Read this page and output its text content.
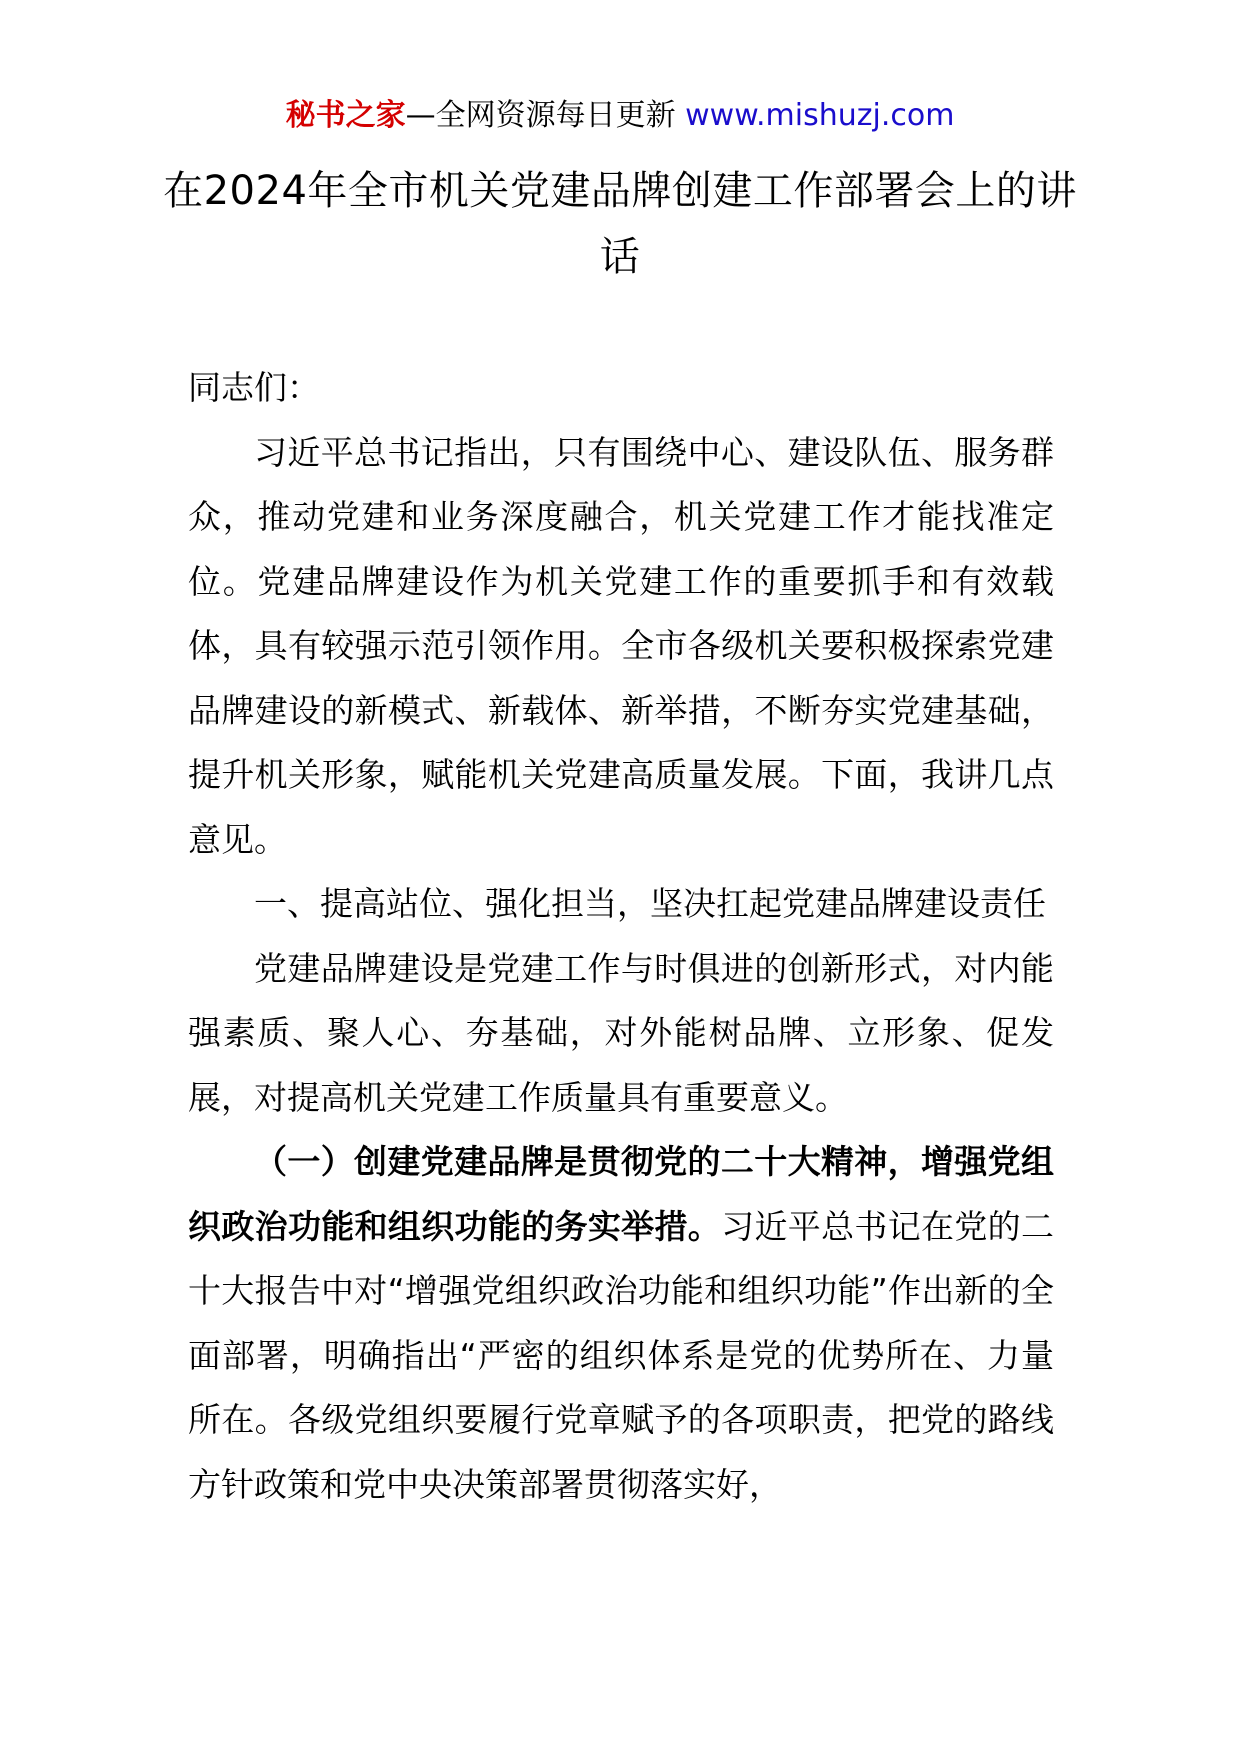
秘书之家—全网资源每日更新 www.mishuzj.com
在2024年全市机关党建品牌创建工作部署会上的讲话

同志们：

习近平总书记指出，只有围绕中心、建设队伍、服务群众，推动党建和业务深度融合，机关党建工作才能找准定位。党建品牌建设作为机关党建工作的重要抓手和有效载体，具有较强示范引领作用。全市各级机关要积极探索党建品牌建设的新模式、新载体、新举措，不断夯实党建基础，提升机关形象，赋能机关党建高质量发展。下面，我讲几点意见。

一、提高站位、强化担当，坚决扛起党建品牌建设责任

党建品牌建设是党建工作与时俱进的创新形式，对内能强素质、聚人心、夯基础，对外能树品牌、立形象、促发展，对提高机关党建工作质量具有重要意义。

（一）创建党建品牌是贯彻党的二十大精神，增强党组织政治功能和组织功能的务实举措。习近平总书记在党的二十大报告中对“增强党组织政治功能和组织功能”作出新的全面部署，明确指出“严密的组织体系是党的优势所在、力量所在。各级党组织要履行党章赋予的各项职责，把党的路线方针政策和党中央决策部署贯彻落实好，
